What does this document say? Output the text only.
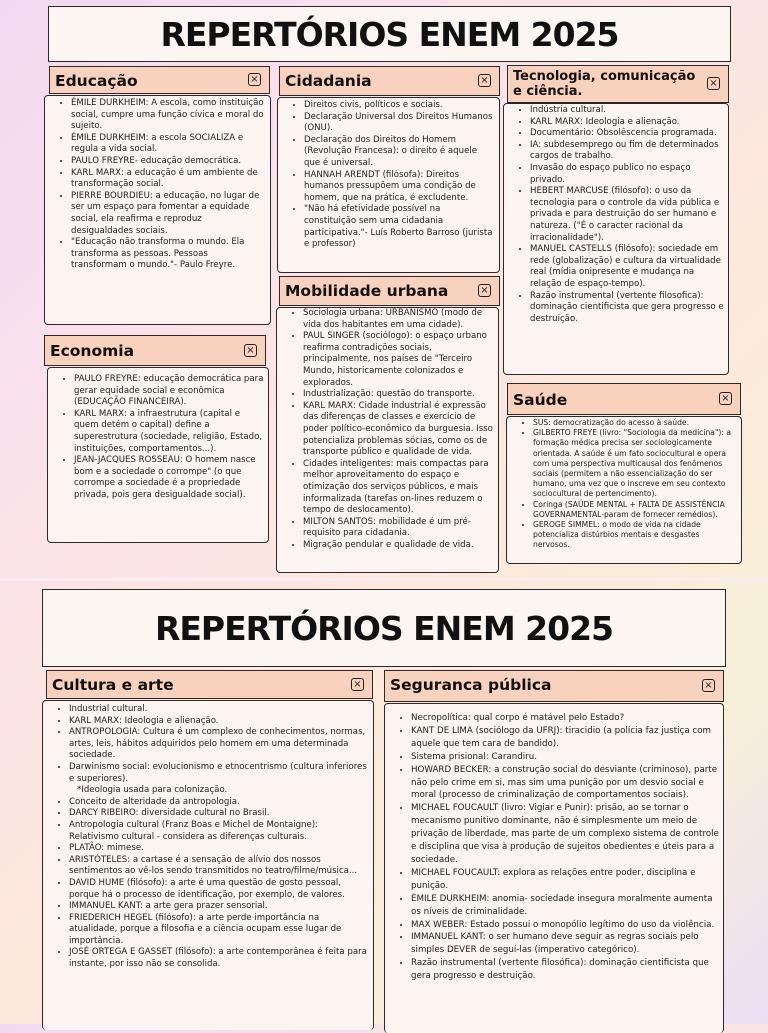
REPERTÓRIOS ENEM 2025
Educação	×
• ÉMILE DURKHEIM: A escola, como instituição social, cumpre uma função cívica e moral do sujeito.
• ÉMILE DURKHEIM: a escola SOCIALIZA e regula a vida social.
• PAULO FREYRE- educação democrática.
• KARL MARX: a educação é um ambiente de transformação social.
• PIERRE BOURDIEU: a educação, no lugar de ser um espaço para fomentar a equidade social, ela reafirma e reproduz desigualdades sociais.
• "Educação não transforma o mundo. Ela transforma as pessoas. Pessoas transformam o mundo."- Paulo Freyre.
Cidadania	×
• Direitos civis, políticos e sociais.
• Declaração Universal dos Direitos Humanos (ONU).
• Declaração dos Direitos do Homem (Revolução Francesa): o direito é aquele que é universal.
• HANNAH ARENDT (filósofa): Direitos humanos pressupõem uma condição de homem, que na prática, é excludente.
• "Não há efetividade possível na constituição sem uma cidadania participativa."- Luís Roberto Barroso (jurista e professor)
Tecnologia, comunicação e ciência.
×
• Indústria cultural.
• KARL MARX: Ideologia e alienação.
• Documentário: Obsolêscencia programada.
• IA: subdesemprego ou fim de determinados cargos de trabalho.
• Invasão do espaço publico no espaço privado.
• HEBERT MARCUSE (filósofo): o uso da tecnologia para o controle da vida pública e privada e para destruição do ser humano e natureza. ("É o caracter racional da irracionalidade").
• MANUEL CASTELLS (filósofo): sociedade em rede (globalização) e cultura da virtualidade real (mídia onipresente e mudança na relação de espaço-tempo).
• Razão instrumental (vertente filosofica): dominação cientificista que gera progresso e destruição.
Mobilidade urbana	×
• Sociologia urbana: URBANISMO (modo de vida dos habitantes em uma cidade).
• PAUL SINGER (sociólogo): o espaço urbano reafirma contradições sociais, principalmente, nos países de "Terceiro Mundo, historicamente colonizados e explorados.
• Industrialização: questão do transporte.
• KARL MARX: Cidade industrial é expressão das diferenças de classes e exercício de poder político-econômico da burguesia. Isso potencializa problemas sócias, como os de transporte público e qualidade de vida.
• Cidades inteligentes: mais compactas para melhor aproveitamento do espaço e otimização dos serviços públicos, e mais informalizada (tarefas on-lines reduzem o tempo de deslocamento).
• MILTON SANTOS: mobilidade é um pré-requisito para cidadania.
• Migração pendular e qualidade de vida.
Economia	×
• PAULO FREYRE: educação democrática para gerar equidade social e econômica (EDUCAÇÃO FINANCEIRA).
• KARL MARX: a infraestrutura (capital e quem detém o capital) define a superestrutura (sociedade, religião, Estado, instituições, comportamentos...).
• JEAN-JACQUES ROSSEAU: O homem nasce bom e a sociedade o corrompe" (o que corrompe a sociedade é a propriedade privada, pois gera desigualdade social).
Saúde	×
• SUS: democratização do acesso à saúde.
• GILBERTO FREYE (livro: "Sociologia da medicina"): a formação médica precisa ser sociologicamente orientada. A saúde é um fato sociocultural e opera com uma perspectiva multicausal dos fenômenos sociais (permitem a não essencialização do ser humano, uma vez que o inscreve em seu contexto sociocultural de pertencimento).
• Coringa (SAÚDE MENTAL + FALTA DE ASSISTÊNCIA GOVERNAMENTAL-param de fornecer remédios).
• GEROGE SIMMEL: o modo de vida na cidade potencializa distúrbios mentais e desgastes nervosos.
REPERTÓRIOS ENEM 2025
Cultura e arte	×
• Industrial cultural.
• KARL MARX: Ideologia e alienação.
• ANTROPOLOGIA: Cultura é um complexo de conhecimentos, normas, artes, leis, hábitos adquiridos pelo homem em uma determinada sociedade.
• Darwinismo social: evolucionismo e etnocentrismo (cultura inferiores e superiores).
*Ideologia usada para colonização.
• Conceito de alteridade da antropologia.
• DARCY RIBEIRO: diversidade cultural no Brasil.
• Antropologia cultural (Franz Boas e Michel de Montaigne): Relativismo cultural - considera as diferenças culturais.
• PLATÃO: mimese.
• ARISTÓTELES: a cartase é a sensação de alívio dos nossos sentimentos ao vê-los sendo transmitidos no teatro/filme/música...
• DAVID HUME (filósofo): a arte é uma questão de gosto pessoal, porque há o processo de identificação, por exemplo, de valores.
• IMMANUEL KANT: a arte gera prazer sensorial.
• FRIEDERICH HEGEL (filósofo): a arte perde importância na atualidade, porque a filosofia e a ciência ocupam esse lugar de importância.
• JOSÉ ORTEGA E GASSET (filósofo): a arte contemporânea é feita para instante, por isso não se consolida.
Seguranca pública	×
• Necropolítica: qual corpo é matável pelo Estado?
• KANT DE LIMA (sociólogo da UFRJ): tiracidio (a polícia faz justiça com aquele que tem cara de bandido).
• Sistema prisional: Carandiru.
• HOWARD BECKER: a construção social do desviante (criminoso), parte não pelo crime em si, mas sim uma punição por um desvio social e moral (processo de criminalização de comportamentos sociais).
• MICHAEL FOUCAULT (livro: Vigiar e Punir): prisão, ao se tornar o mecanismo punitivo dominante, não é simplesmente um meio de privação de liberdade, mas parte de um complexo sistema de controle e disciplina que visa à produção de sujeitos obedientes e úteis para a sociedade.
• MICHAEL FOUCAULT: explora as relações entre poder, disciplina e punição.
• ÉMILE DURKHEIM: anomia- sociedade insegura moralmente aumenta os níveis de criminalidade.
• MAX WEBER: Estado possui o monopólio legítimo do uso da violência.
• IMMANUEL KANT: o ser humano deve seguir as regras sociais pelo simples DEVER de seguí-las (imperativo categórico).
• Razão instrumental (vertente filosófica): dominação cientificista que gera progresso e destruição.
